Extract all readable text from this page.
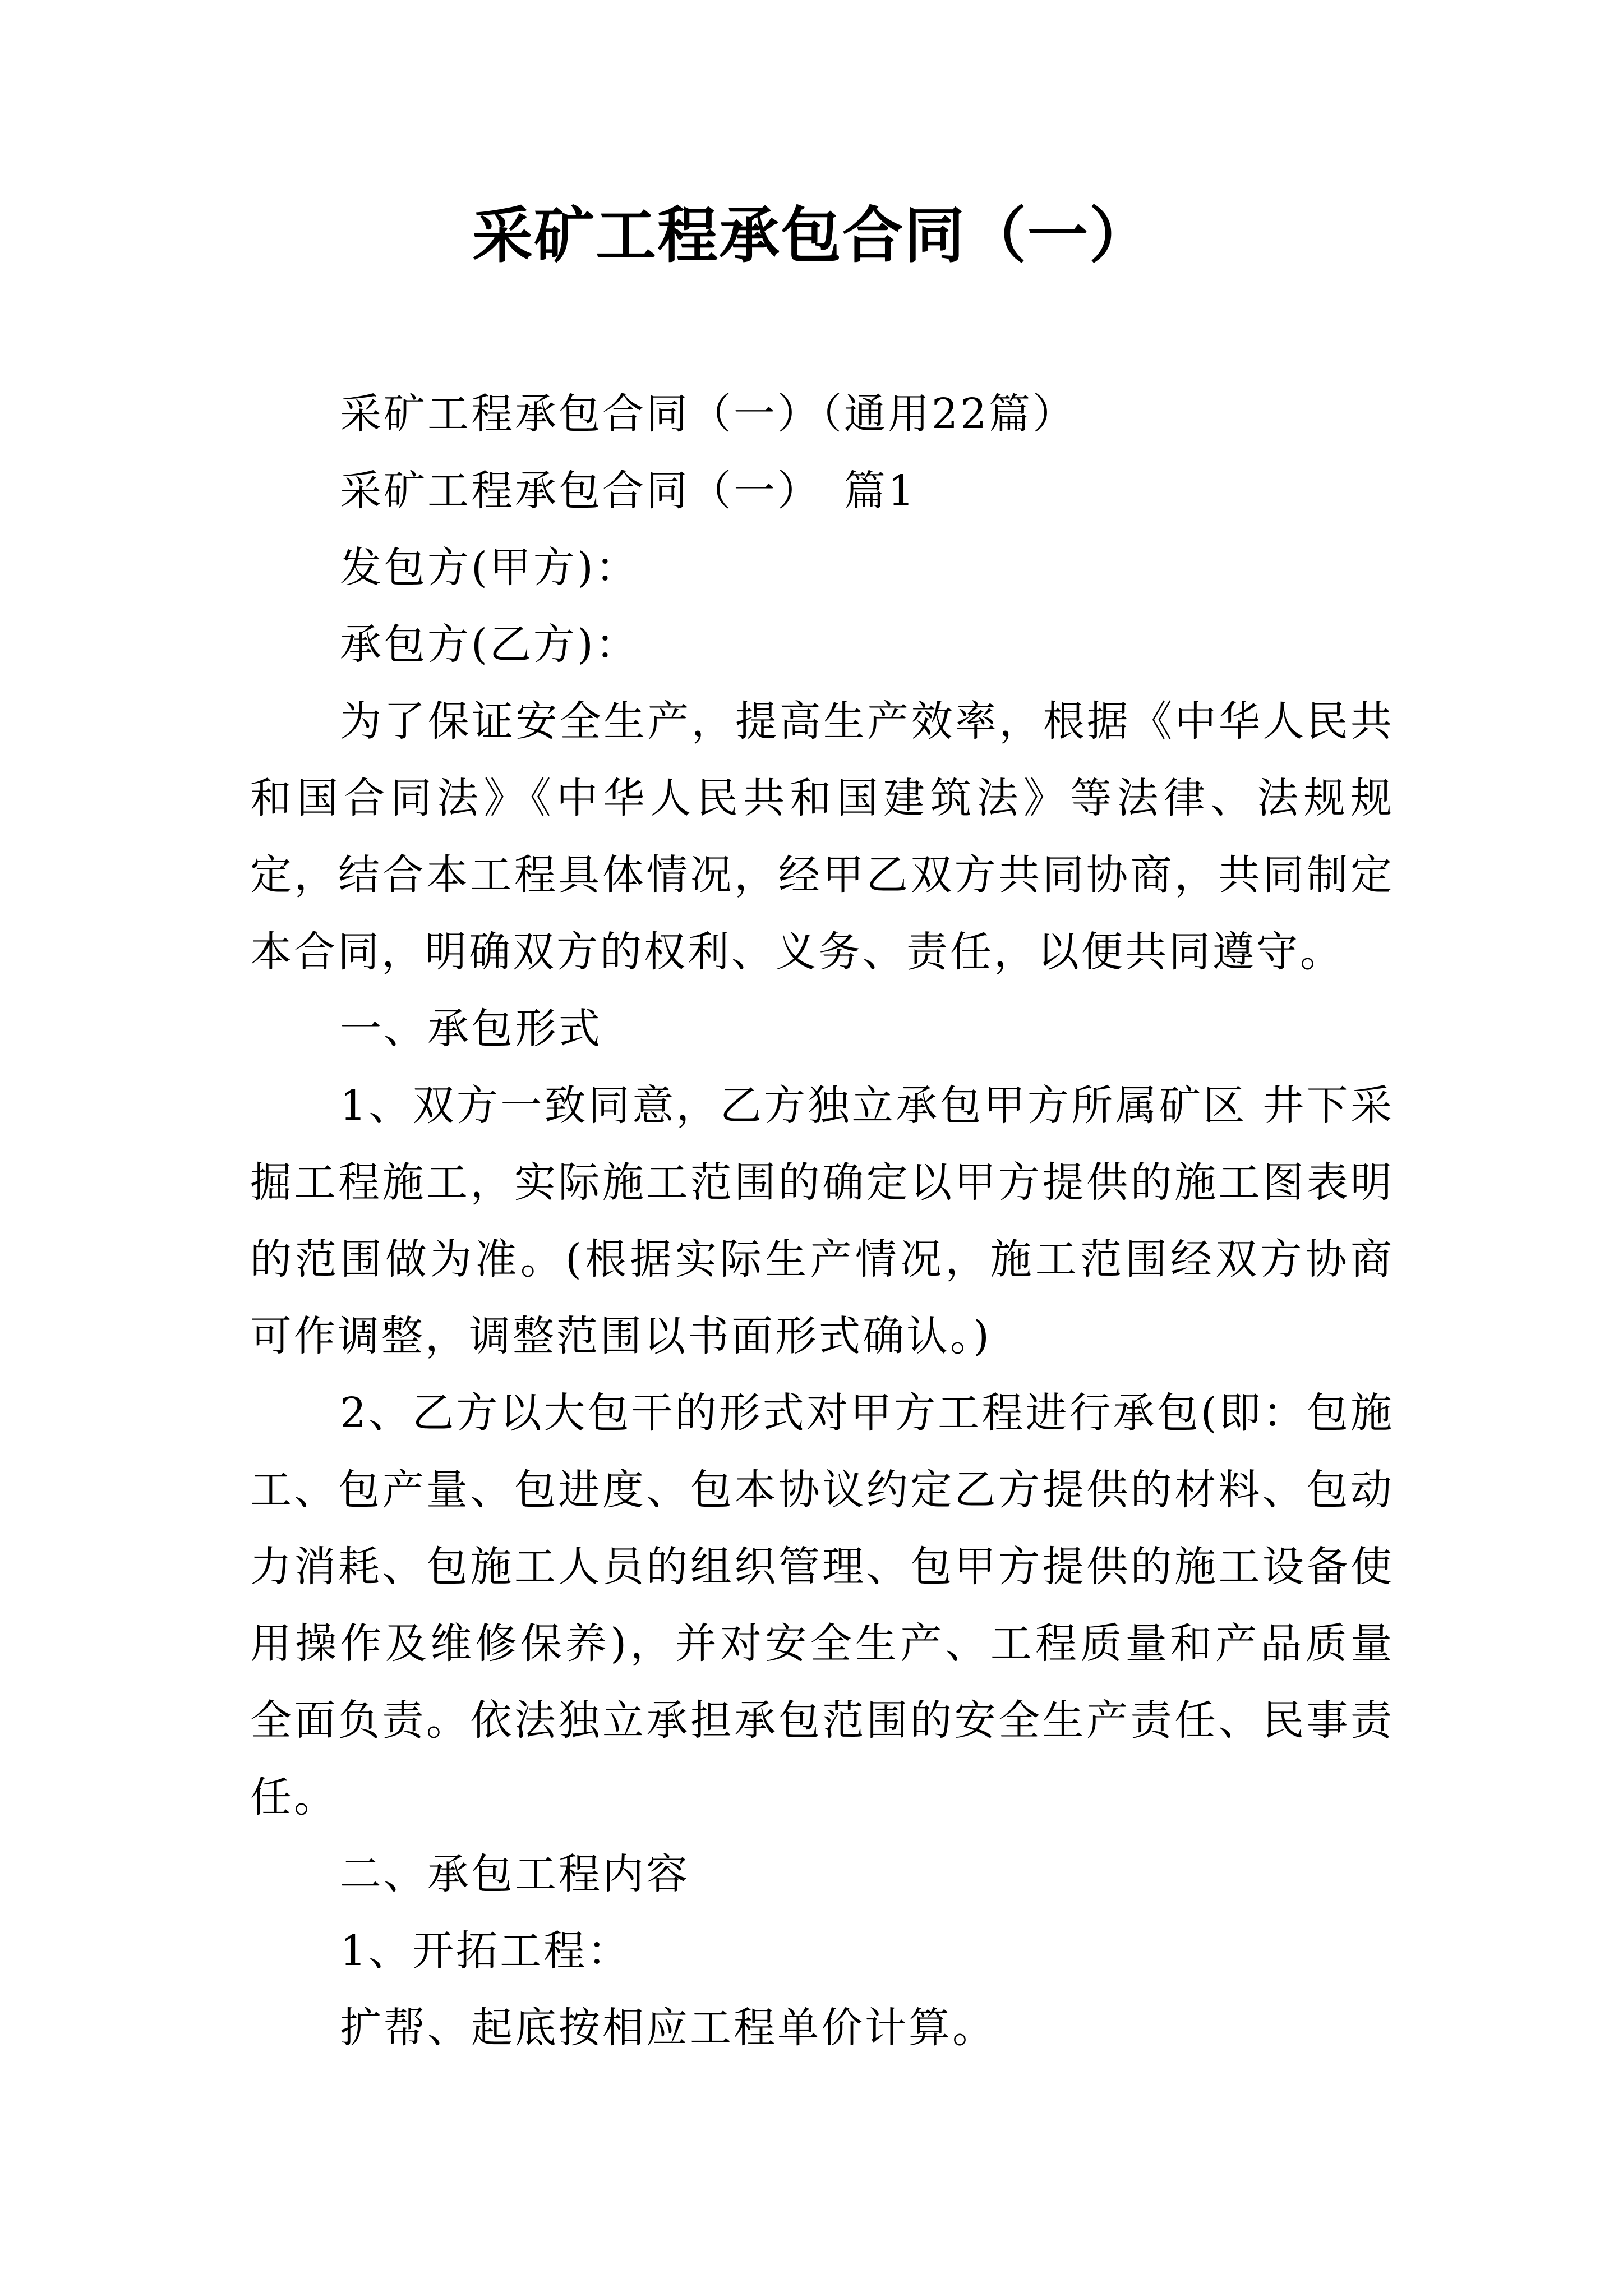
采矿工程承包合同（一）

采矿工程承包合同（一）（通用22篇）

采矿工程承包合同（一）　篇1

发包方(甲方)：

承包方(乙方)：

为了保证安全生产，提高生产效率，根据《中华人民共和国合同法》《中华人民共和国建筑法》等法律、法规规定，结合本工程具体情况，经甲乙双方共同协商，共同制定本合同，明确双方的权利、义务、责任，以便共同遵守。

一、承包形式

1、双方一致同意，乙方独立承包甲方所属矿区 井下采掘工程施工，实际施工范围的确定以甲方提供的施工图表明的范围做为准。(根据实际生产情况，施工范围经双方协商可作调整，调整范围以书面形式确认。)

2、乙方以大包干的形式对甲方工程进行承包(即：包施工、包产量、包进度、包本协议约定乙方提供的材料、包动力消耗、包施工人员的组织管理、包甲方提供的施工设备使用操作及维修保养)，并对安全生产、工程质量和产品质量全面负责。依法独立承担承包范围的安全生产责任、民事责任。

二、承包工程内容

1、开拓工程：

扩帮、起底按相应工程单价计算。
